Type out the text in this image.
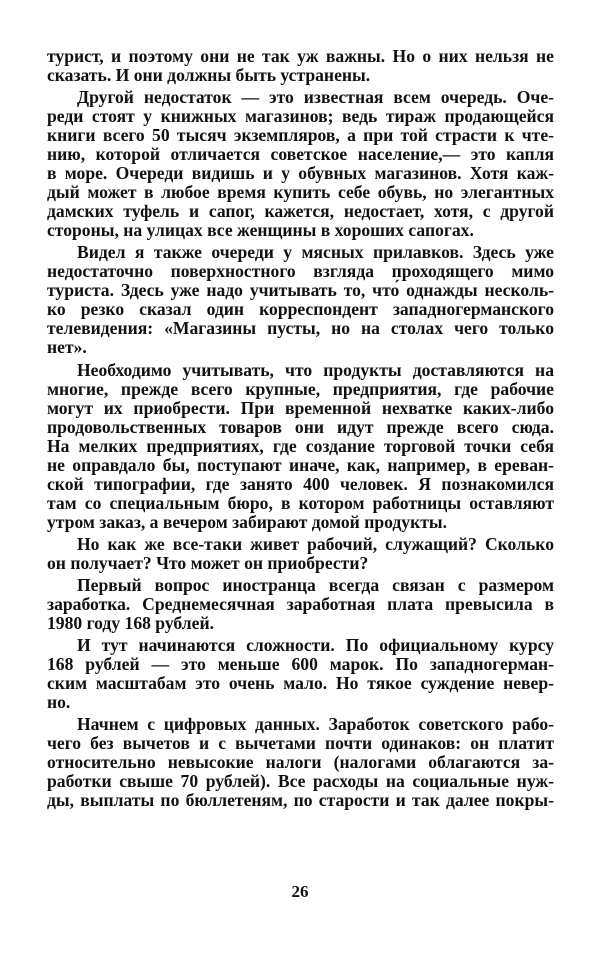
турист, и поэтому они не так уж важны. Но о них нельзя не
сказать. И они должны быть устранены.
Другой недостаток — это известная всем очередь. Оче-
реди стоят у книжных магазинов; ведь тираж продающейся
книги всего 50 тысяч экземпляров, а при той страсти к чте-
нию, которой отличается советское население,— это капля
в море. Очереди видишь и у обувных магазинов. Хотя каж-
дый может в любое время купить себе обувь, но элегантных
дамских туфель и сапог, кажется, недостает, хотя, с другой
стороны, на улицах все женщины в хороших сапогах.
Видел я также очереди у мясных прилавков. Здесь уже
недостаточно поверхностного взгляда проходящего мимо
туриста. Здесь уже надо учитывать то, что́ однажды несколь-
ко резко сказал один корреспондент западногерманского
телевидения: «Магазины пусты, но на столах чего только
нет».
Необходимо учитывать, что продукты доставляются на
многие, прежде всего крупные, предприятия, где рабочие
могут их приобрести. При временной нехватке каких-либо
продовольственных товаров они идут прежде всего сюда.
На мелких предприятиях, где создание торговой точки себя
не оправдало бы, поступают иначе, как, например, в ереван-
ской типографии, где занято 400 человек. Я познакомился
там со специальным бюро, в котором работницы оставляют
утром заказ, а вечером забирают домой продукты.
Но как же все-таки живет рабочий, служащий? Сколько
он получает? Что может он приобрести?
Первый вопрос иностранца всегда связан с размером
заработка. Среднемесячная заработная плата превысила в
1980 году 168 рублей.
И тут начинаются сложности. По официальному курсу
168 рублей — это меньше 600 марок. По западногерман-
ским масштабам это очень мало. Но тякое суждение невер-
но.
Начнем с цифровых данных. Заработок советского рабо-
чего без вычетов и с вычетами почти одинаков: он платит
относительно невысокие налоги (налогами облагаются за-
работки свыше 70 рублей). Все расходы на социальные нуж-
ды, выплаты по бюллетеням, по старости и так далее покры-
26
